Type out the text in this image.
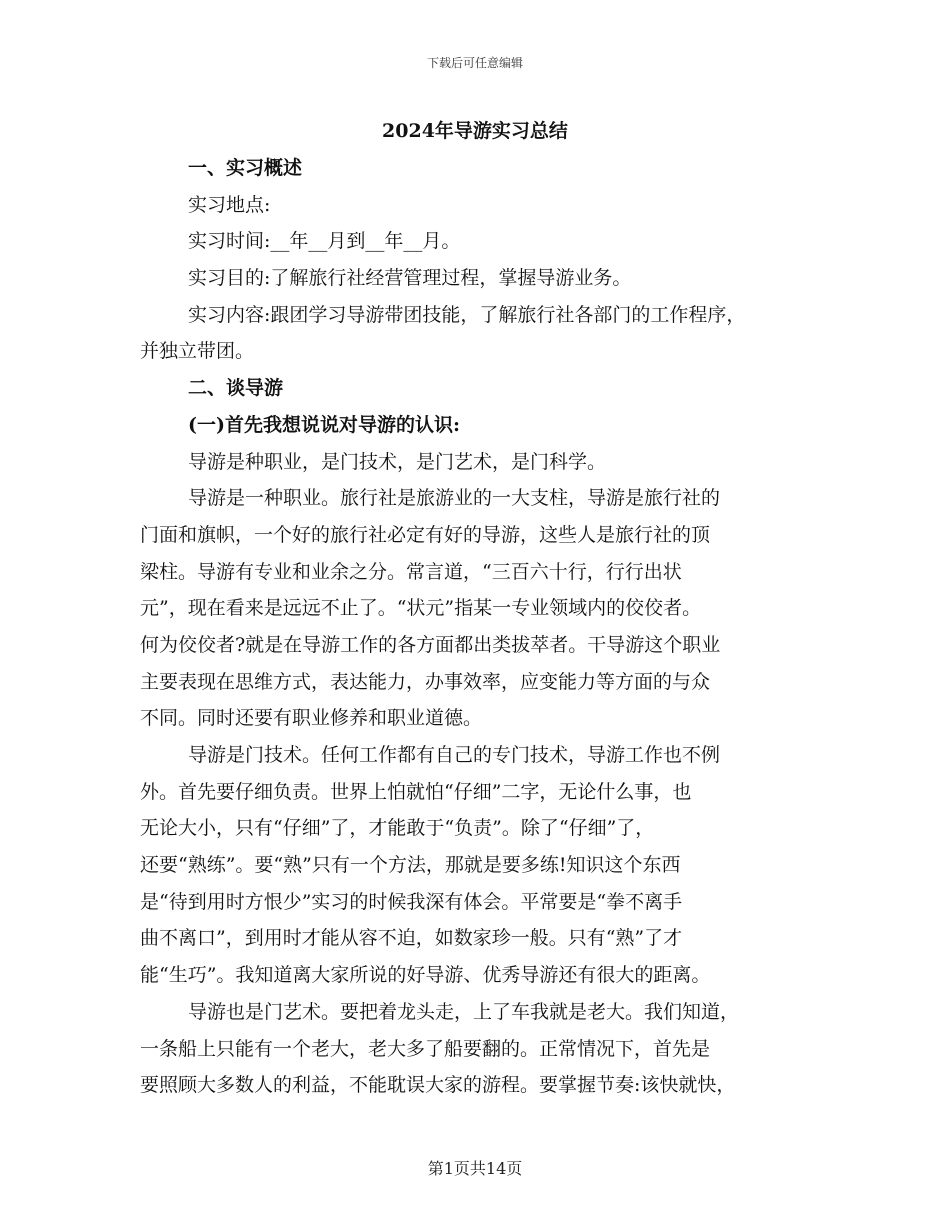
下载后可任意编辑
2024年导游实习总结
一、实习概述
实习地点:
实习时间:__年__月到__年__月。
实习目的:了解旅行社经营管理过程，掌握导游业务。
实习内容:跟团学习导游带团技能，了解旅行社各部门的工作程序，
并独立带团。
二、谈导游
(一)首先我想说说对导游的认识:
导游是种职业，是门技术，是门艺术，是门科学。
导游是一种职业。旅行社是旅游业的一大支柱，导游是旅行社的
门面和旗帜，一个好的旅行社必定有好的导游，这些人是旅行社的顶
梁柱。导游有专业和业余之分。常言道，“三百六十行，行行出状
元”，现在看来是远远不止了。“状元”指某一专业领域内的佼佼者。
何为佼佼者?就是在导游工作的各方面都出类拔萃者。干导游这个职业
主要表现在思维方式，表达能力，办事效率，应变能力等方面的与众
不同。同时还要有职业修养和职业道德。
导游是门技术。任何工作都有自己的专门技术，导游工作也不例
外。首先要仔细负责。世界上怕就怕“仔细”二字，无论什么事，也
无论大小，只有“仔细”了，才能敢于“负责”。除了“仔细”了，
还要“熟练”。要“熟”只有一个方法，那就是要多练!知识这个东西
是“待到用时方恨少”实习的时候我深有体会。平常要是“拳不离手
曲不离口”，到用时才能从容不迫，如数家珍一般。只有“熟”了才
能“生巧”。我知道离大家所说的好导游、优秀导游还有很大的距离。
导游也是门艺术。要把着龙头走，上了车我就是老大。我们知道，
一条船上只能有一个老大，老大多了船要翻的。正常情况下，首先是
要照顾大多数人的利益，不能耽误大家的游程。要掌握节奏:该快就快，
第1页共14页
